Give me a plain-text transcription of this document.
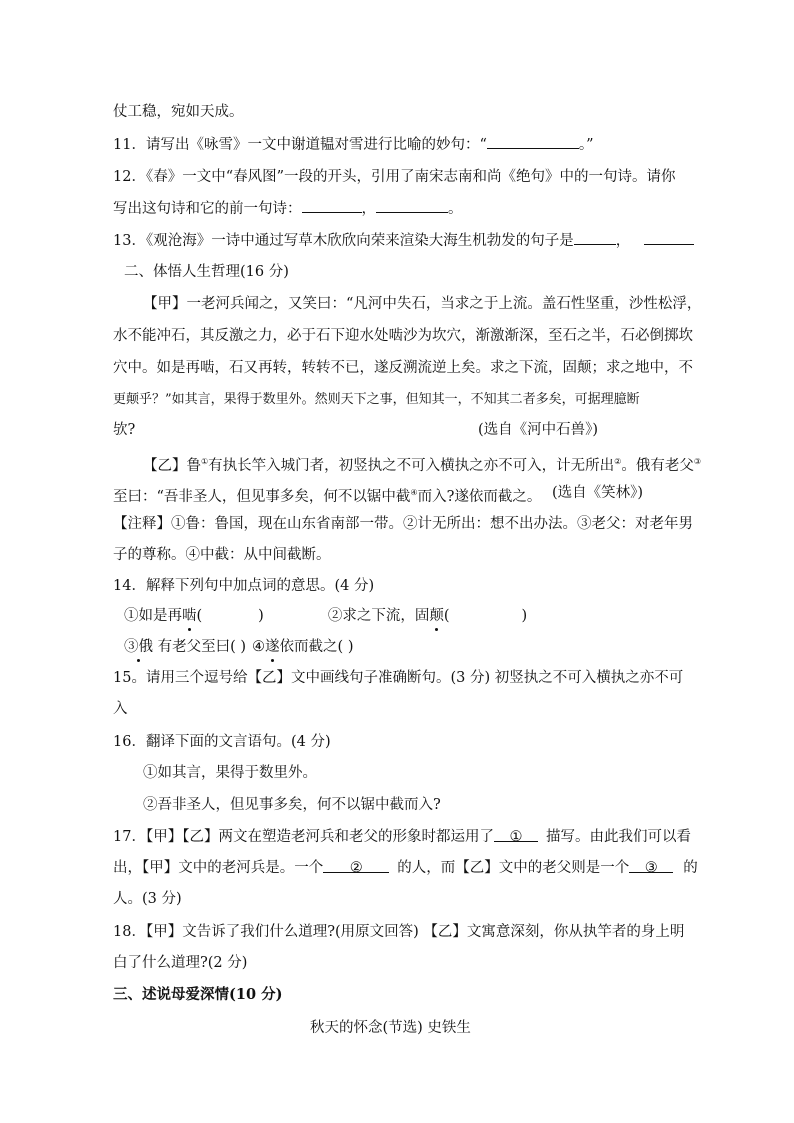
仗工稳，宛如天成。
11．请写出《咏雪》一文中谢道韫对雪进行比喻的妙句：“	。”
12．《春》一文中“春风图”一段的开头，引用了南宋志南和尚《绝句》中的一句诗。请你
写出这句诗和它的前一句诗：	，	。
13．《观沧海》一诗中通过写草木欣欣向荣来渲染大海生机勃发的句子是	，
二、体悟人生哲理(16 分)
【甲】一老河兵闻之，又笑曰：“凡河中失石，当求之于上流。盖石性坚重，沙性松浮，
水不能冲石，其反激之力，必于石下迎水处啮沙为坎穴，渐激渐深，至石之半，石必倒掷坎
穴中。如是再啮，石又再转，转转不已，遂反溯流逆上矣。求之下流，固颠；求之地中，不
更颠乎？”如其言，果得于数里外。然则天下之事，但知其一，不知其二者多矣，可据理臆断
欤?	(选自《河中石兽》)
【乙】鲁①有执长竿入城门者，初竖执之不可入横执之亦不可入，计无所出②。俄有老父③
至曰：“吾非圣人，但见事多矣，何不以锯中截④而入?遂依而截之。 (选自《笑林》)
【注释】①鲁：鲁国，现在山东省南部一带。②计无所出：想不出办法。③老父：对老年男
子的尊称。④中截：从中间截断。
14．解释下列句中加点词的意思。(4 分)
①如是再啮(	)	②求之下流，固颠(	)
③俄 有老父至曰( ) ④遂依而截之( )
15。请用三个逗号给【乙】文中画线句子准确断句。(3 分) 初竖执之不可入横执之亦不可
入
16．翻译下面的文言语句。(4 分)
①如其言，果得于数里外。
②吾非圣人，但见事多矣，何不以锯中截而入?
17．【甲】【乙】两文在塑造老河兵和老父的形象时都运用了 ① 描写。由此我们可以看
出，【甲】文中的老河兵是。一个 ② 的人，而【乙】文中的老父则是一个 ③ 的
人。(3 分)
18．【甲】文告诉了我们什么道理?(用原文回答) 【乙】文寓意深刻，你从执竿者的身上明
白了什么道理?(2 分)
三、述说母爱深情(10 分)
秋天的怀念(节选) 史铁生
